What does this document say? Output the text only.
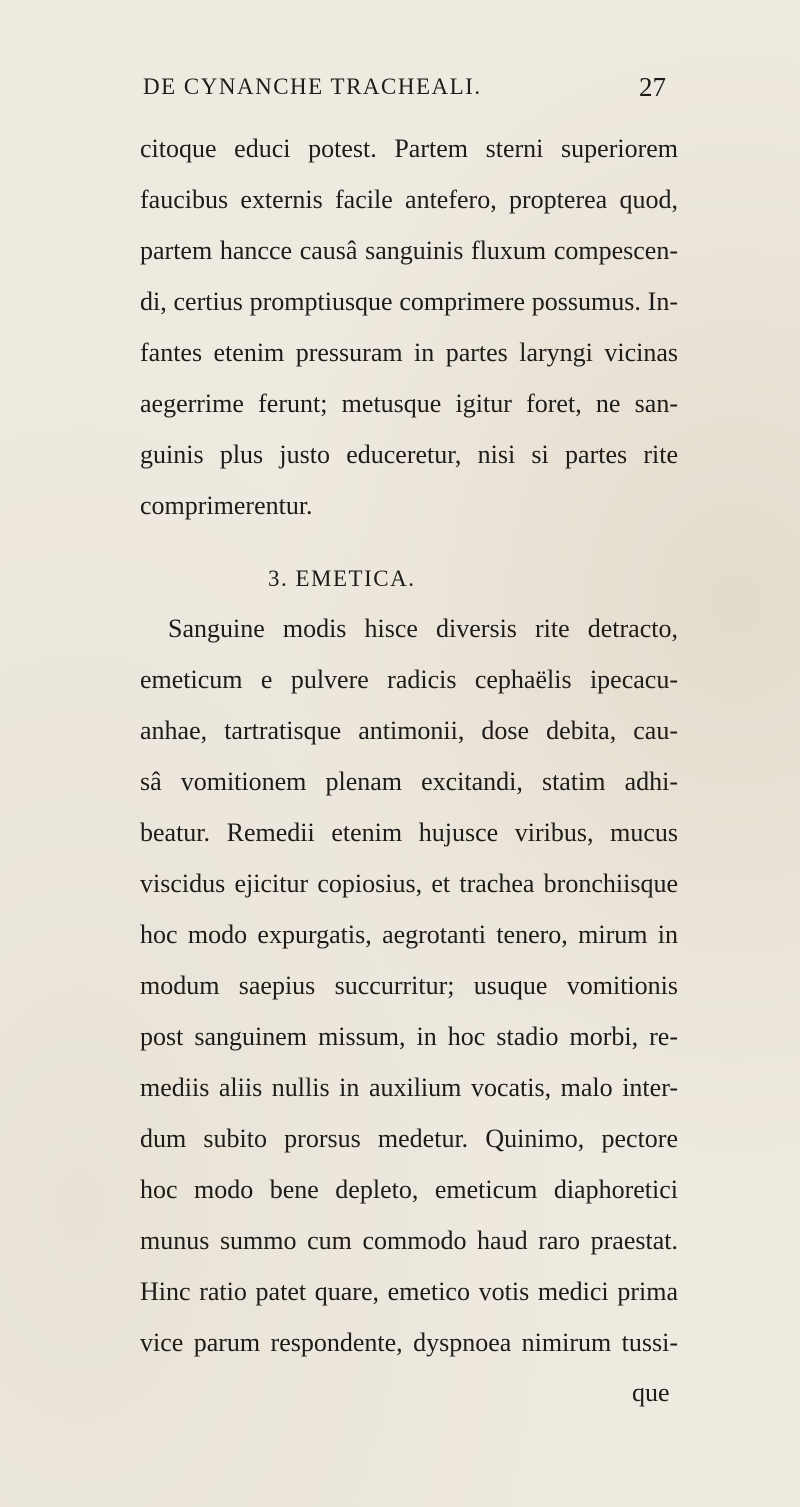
DE CYNANCHE TRACHEALI.	27
citoque educi potest. Partem sterni superiorem
faucibus externis facile antefero, propterea quod,
partem hancce causâ sanguinis fluxum compescen-
di, certius promptiusque comprimere possumus. In-
fantes etenim pressuram in partes laryngi vicinas
aegerrime ferunt; metusque igitur foret, ne san-
guinis plus justo educeretur, nisi si partes rite
comprimerentur.
3. EMETICA.
Sanguine modis hisce diversis rite detracto,
emeticum e pulvere radicis cephaëlis ipecacu-
anhae, tartratisque antimonii, dose debita, cau-
sâ vomitionem plenam excitandi, statim adhi-
beatur. Remedii etenim hujusce viribus, mucus
viscidus ejicitur copiosius, et trachea bronchiisque
hoc modo expurgatis, aegrotanti tenero, mirum in
modum saepius succurritur; usuque vomitionis
post sanguinem missum, in hoc stadio morbi, re-
mediis aliis nullis in auxilium vocatis, malo inter-
dum subito prorsus medetur. Quinimo, pectore
hoc modo bene depleto, emeticum diaphoretici
munus summo cum commodo haud raro praestat.
Hinc ratio patet quare, emetico votis medici prima
vice parum respondente, dyspnoea nimirum tussi-
que
